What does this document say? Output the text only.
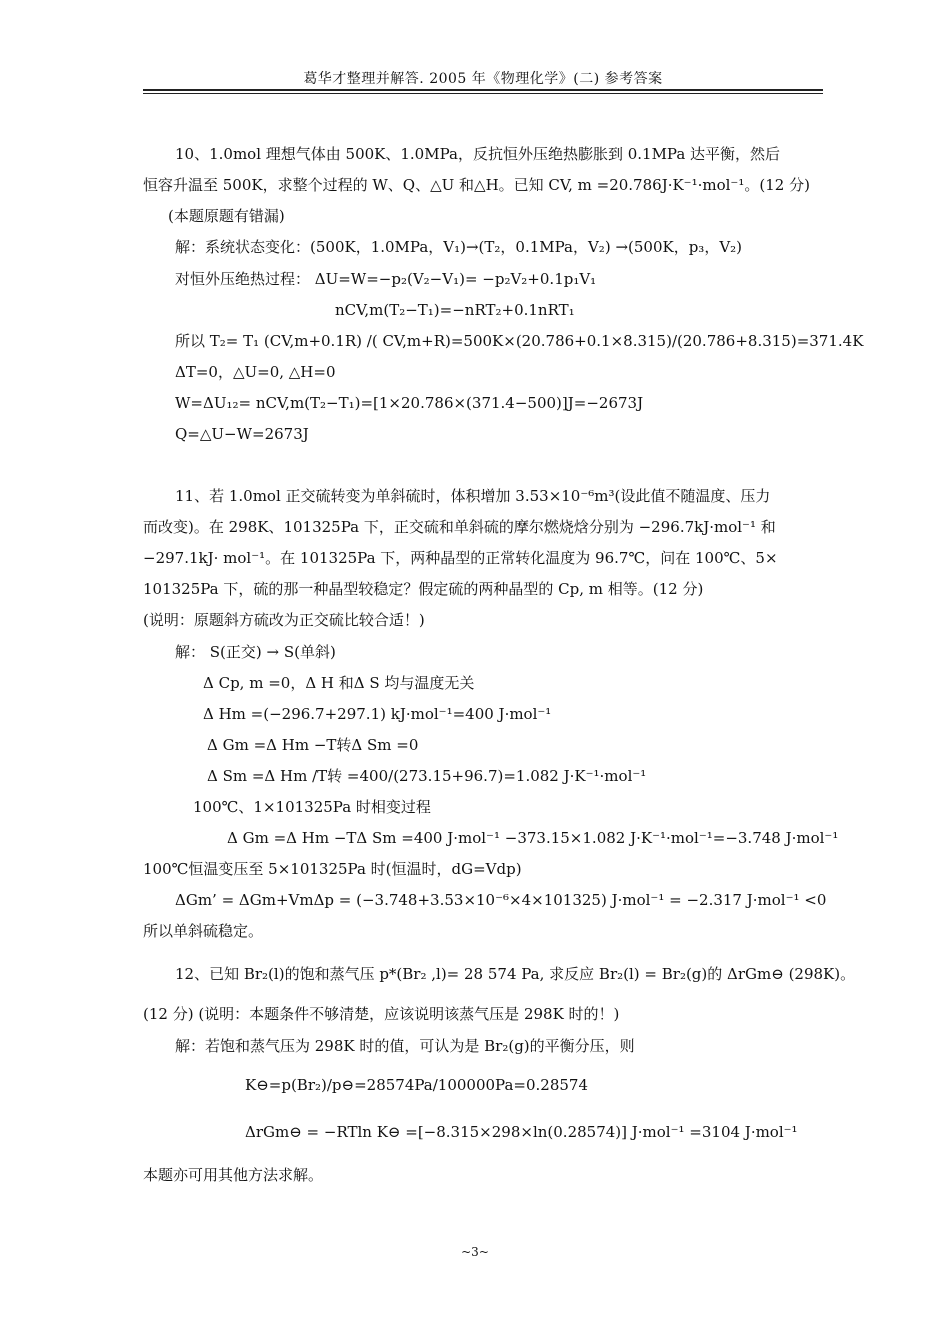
葛华才整理并解答. 2005 年《物理化学》(二) 参考答案
10、1.0mol 理想气体由 500K、1.0MPa，反抗恒外压绝热膨胀到 0.1MPa 达平衡，然后
恒容升温至 500K，求整个过程的 W、Q、△U 和△H。已知 CV, m =20.786J·K⁻¹·mol⁻¹。(12 分)
(本题原题有错漏)
解：系统状态变化：(500K，1.0MPa，V₁)→(T₂，0.1MPa，V₂) →(500K，p₃，V₂)
对恒外压绝热过程： ΔU=W=−p₂(V₂−V₁)= −p₂V₂+0.1p₁V₁
nCV,m(T₂−T₁)=−nRT₂+0.1nRT₁
所以 T₂= T₁ (CV,m+0.1R) /( CV,m+R)=500K×(20.786+0.1×8.315)/(20.786+8.315)=371.4K
ΔT=0，△U=0, △H=0
W=ΔU₁₂= nCV,m(T₂−T₁)=[1×20.786×(371.4−500)]J=−2673J
Q=△U−W=2673J
11、若 1.0mol 正交硫转变为单斜硫时，体积增加 3.53×10⁻⁶m³(设此值不随温度、压力
而改变)。在 298K、101325Pa 下，正交硫和单斜硫的摩尔燃烧焓分别为 −296.7kJ·mol⁻¹ 和
−297.1kJ· mol⁻¹。在 101325Pa 下，两种晶型的正常转化温度为 96.7℃，问在 100℃、5×
101325Pa 下，硫的那一种晶型较稳定？假定硫的两种晶型的 Cp, m 相等。(12 分)
(说明：原题斜方硫改为正交硫比较合适！)
解： S(正交) → S(单斜)
Δ Cp, m =0，Δ H 和Δ S 均与温度无关
Δ Hm =(−296.7+297.1) kJ·mol⁻¹=400 J·mol⁻¹
Δ Gm =Δ Hm −T转Δ Sm =0
Δ Sm =Δ Hm /T转 =400/(273.15+96.7)=1.082 J·K⁻¹·mol⁻¹
100℃、1×101325Pa 时相变过程
Δ Gm =Δ Hm −TΔ Sm =400 J·mol⁻¹ −373.15×1.082 J·K⁻¹·mol⁻¹=−3.748 J·mol⁻¹
100℃恒温变压至 5×101325Pa 时(恒温时，dG=Vdp)
ΔGm’ = ΔGm+VmΔp = (−3.748+3.53×10⁻⁶×4×101325) J·mol⁻¹ = −2.317 J·mol⁻¹ <0
所以单斜硫稳定。
12、已知 Br₂(l)的饱和蒸气压 p*(Br₂ ,l)= 28 574 Pa, 求反应 Br₂(l) = Br₂(g)的 ΔrGm⊖ (298K)。
(12 分) (说明：本题条件不够清楚，应该说明该蒸气压是 298K 时的！)
解：若饱和蒸气压为 298K 时的值，可认为是 Br₂(g)的平衡分压，则
K⊖=p(Br₂)/p⊖=28574Pa/100000Pa=0.28574
ΔrGm⊖ = −RTln K⊖ =[−8.315×298×ln(0.28574)] J·mol⁻¹ =3104 J·mol⁻¹
本题亦可用其他方法求解。
~3~
